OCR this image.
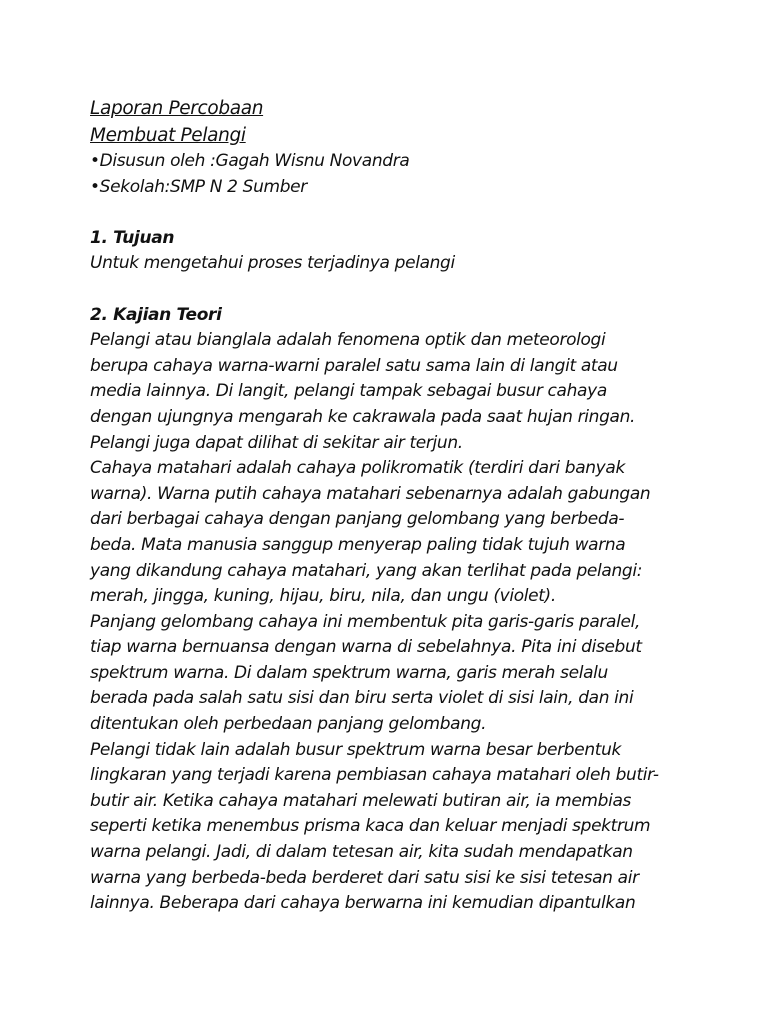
Laporan Percobaan
Membuat Pelangi
•Disusun oleh :Gagah Wisnu Novandra
•Sekolah:SMP N 2 Sumber
1. Tujuan
Untuk mengetahui proses terjadinya pelangi
2. Kajian Teori
Pelangi atau bianglala adalah fenomena optik dan meteorologi
berupa cahaya warna-warni paralel satu sama lain di langit atau
media lainnya. Di langit, pelangi tampak sebagai busur cahaya
dengan ujungnya mengarah ke cakrawala pada saat hujan ringan.
Pelangi juga dapat dilihat di sekitar air terjun.
Cahaya matahari adalah cahaya polikromatik (terdiri dari banyak
warna). Warna putih cahaya matahari sebenarnya adalah gabungan
dari berbagai cahaya dengan panjang gelombang yang berbeda-
beda. Mata manusia sanggup menyerap paling tidak tujuh warna
yang dikandung cahaya matahari, yang akan terlihat pada pelangi:
merah, jingga, kuning, hijau, biru, nila, dan ungu (violet).
Panjang gelombang cahaya ini membentuk pita garis-garis paralel,
tiap warna bernuansa dengan warna di sebelahnya. Pita ini disebut
spektrum warna. Di dalam spektrum warna, garis merah selalu
berada pada salah satu sisi dan biru serta violet di sisi lain, dan ini
ditentukan oleh perbedaan panjang gelombang.
Pelangi tidak lain adalah busur spektrum warna besar berbentuk
lingkaran yang terjadi karena pembiasan cahaya matahari oleh butir-
butir air. Ketika cahaya matahari melewati butiran air, ia membias
seperti ketika menembus prisma kaca dan keluar menjadi spektrum
warna pelangi. Jadi, di dalam tetesan air, kita sudah mendapatkan
warna yang berbeda-beda berderet dari satu sisi ke sisi tetesan air
lainnya. Beberapa dari cahaya berwarna ini kemudian dipantulkan
